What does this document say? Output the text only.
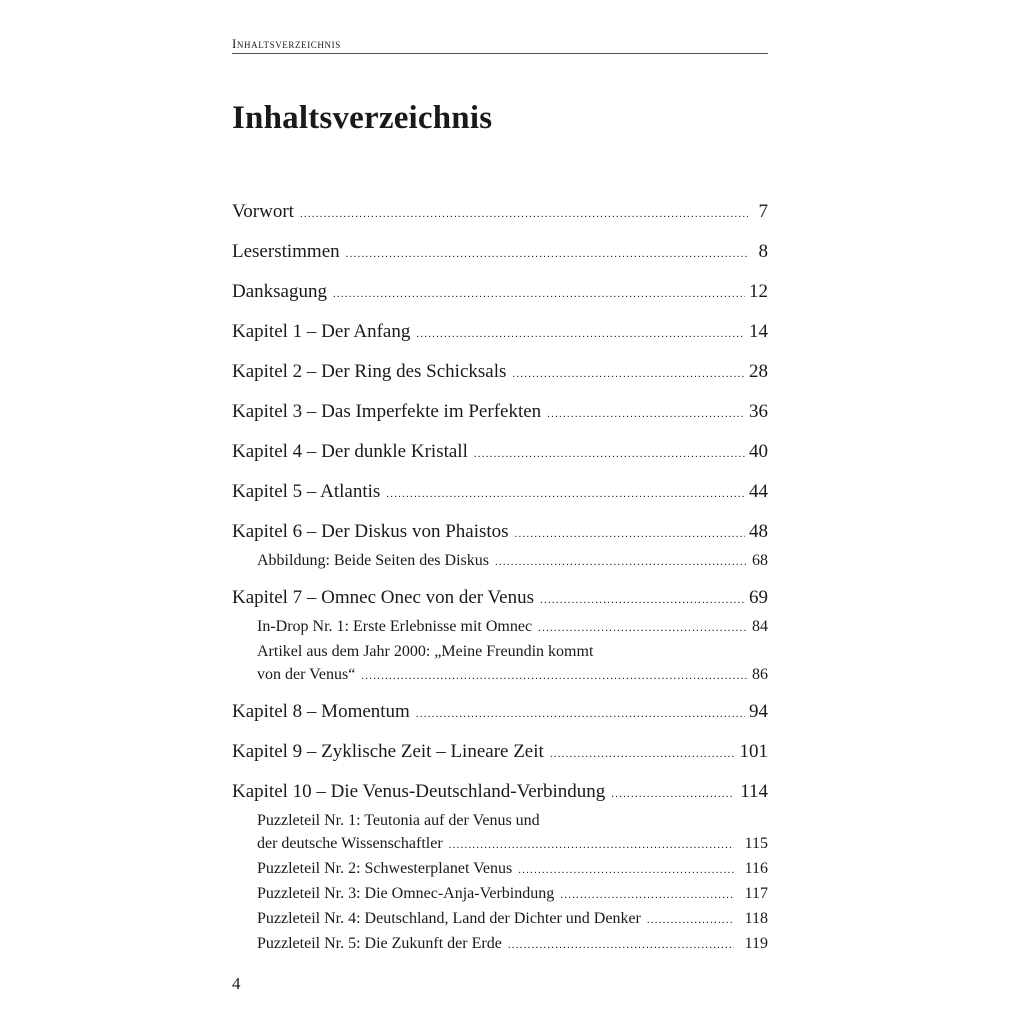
Inhaltsverzeichnis
Inhaltsverzeichnis
Vorwort .....	7
Leserstimmen .....	8
Danksagung .....	12
Kapitel 1 – Der Anfang .....	14
Kapitel 2 – Der Ring des Schicksals .....	28
Kapitel 3 – Das Imperfekte im Perfekten .....	36
Kapitel 4 – Der dunkle Kristall .....	40
Kapitel 5 – Atlantis .....	44
Kapitel 6 – Der Diskus von Phaistos .....	48
Abbildung: Beide Seiten des Diskus .....	68
Kapitel 7 – Omnec Onec von der Venus .....	69
In-Drop Nr. 1: Erste Erlebnisse mit Omnec .....	84
Artikel aus dem Jahr 2000: „Meine Freundin kommt
von der Venus“ .....	86
Kapitel 8 – Momentum .....	94
Kapitel 9 – Zyklische Zeit – Lineare Zeit .....	101
Kapitel 10 – Die Venus-Deutschland-Verbindung .....	114
Puzzleteil Nr. 1: Teutonia auf der Venus und
der deutsche Wissenschaftler .....	115
Puzzleteil Nr. 2: Schwesterplanet Venus .....	116
Puzzleteil Nr. 3: Die Omnec-Anja-Verbindung .....	117
Puzzleteil Nr. 4: Deutschland, Land der Dichter und Denker .....	118
Puzzleteil Nr. 5: Die Zukunft der Erde .....	119
4
